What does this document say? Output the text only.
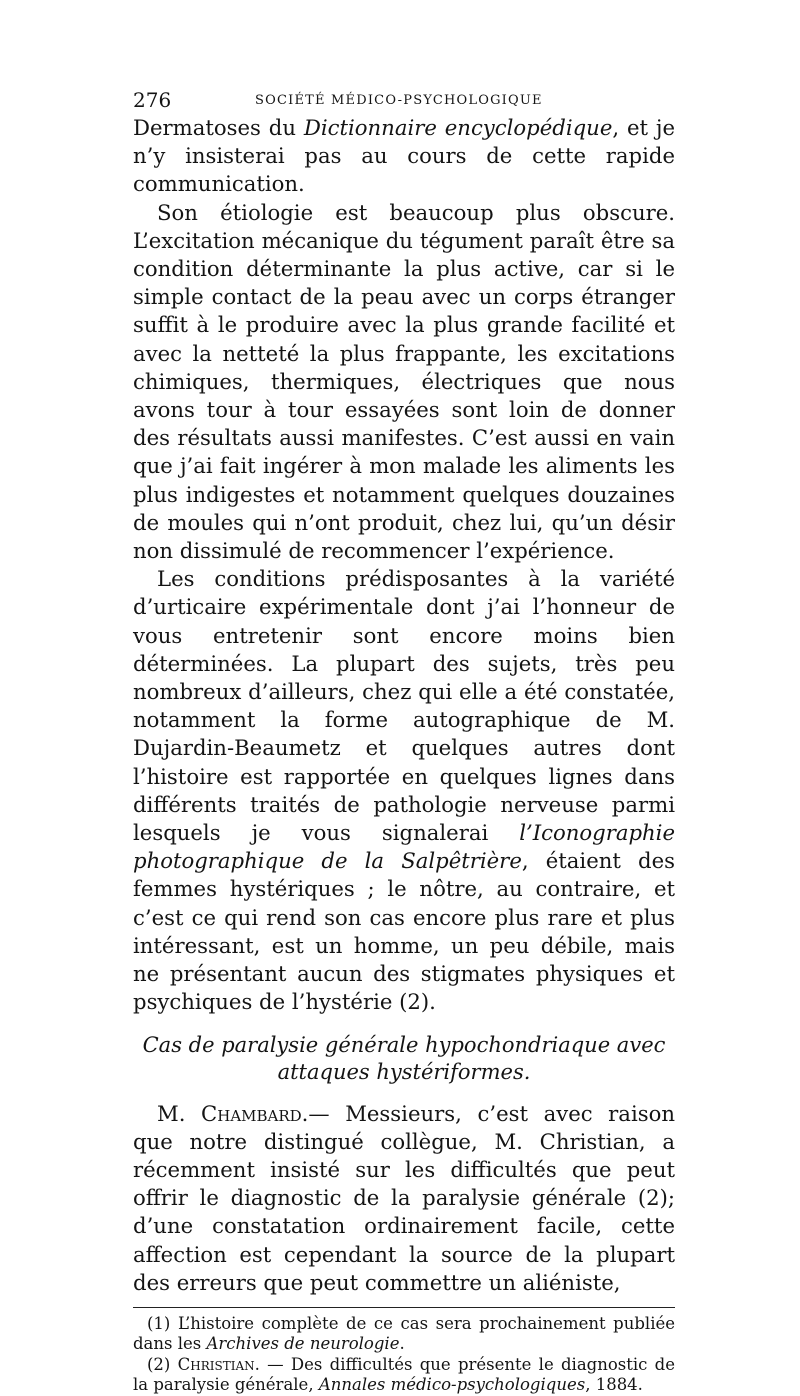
276	SOCIÉTÉ MÉDICO-PSYCHOLOGIQUE

Dermatoses du Dictionnaire encyclopédique, et je n’y insisterai pas au cours de cette rapide communication.

Son étiologie est beaucoup plus obscure. L’excitation mécanique du tégument paraît être sa condition déterminante la plus active, car si le simple contact de la peau avec un corps étranger suffit à le produire avec la plus grande facilité et avec la netteté la plus frappante, les excitations chimiques, thermiques, électriques que nous avons tour à tour essayées sont loin de donner des résultats aussi manifestes. C’est aussi en vain que j’ai fait ingérer à mon malade les aliments les plus indigestes et notamment quelques douzaines de moules qui n’ont produit, chez lui, qu’un désir non dissimulé de recommencer l’expérience.

Les conditions prédisposantes à la variété d’urticaire expérimentale dont j’ai l’honneur de vous entretenir sont encore moins bien déterminées. La plupart des sujets, très peu nombreux d’ailleurs, chez qui elle a été constatée, notamment la forme autographique de M. Dujardin-Beaumetz et quelques autres dont l’histoire est rapportée en quelques lignes dans différents traités de pathologie nerveuse parmi lesquels je vous signalerai l’Iconographie photographique de la Salpêtrière, étaient des femmes hystériques ; le nôtre, au contraire, et c’est ce qui rend son cas encore plus rare et plus intéressant, est un homme, un peu débile, mais ne présentant aucun des stigmates physiques et psychiques de l’hystérie (2).

Cas de paralysie générale hypochondriaque avec attaques hystériformes.

M. Chambard.— Messieurs, c’est avec raison que notre distingué collègue, M. Christian, a récemment insisté sur les difficultés que peut offrir le diagnostic de la paralysie générale (2); d’une constatation ordinairement facile, cette affection est cependant la source de la plupart des erreurs que peut commettre un aliéniste,

(1) L’histoire complète de ce cas sera prochainement publiée dans les Archives de neurologie.

(2) Christian. — Des difficultés que présente le diagnostic de la paralysie générale, Annales médico-psychologiques, 1884.
